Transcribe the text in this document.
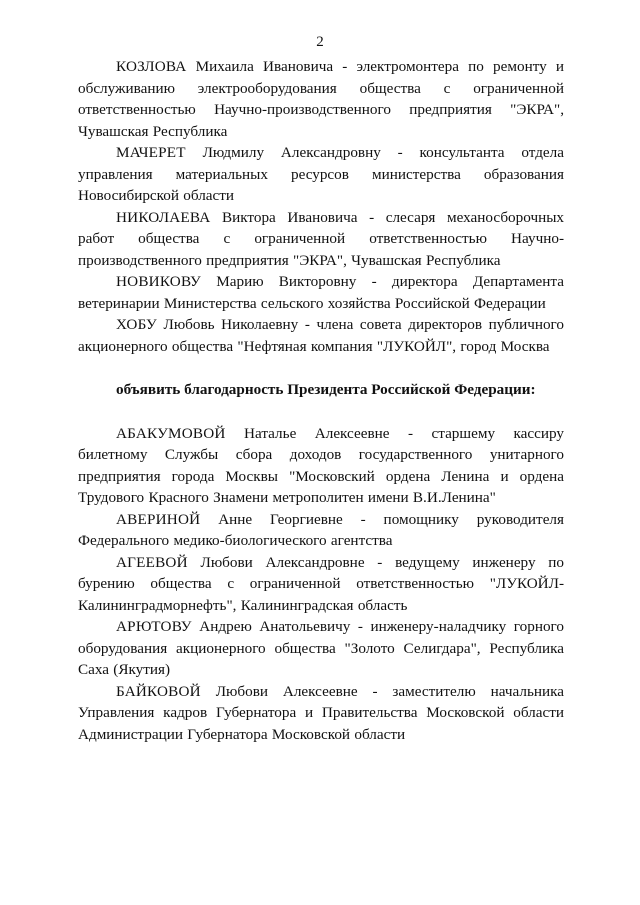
2

КОЗЛОВА Михаила Ивановича - электромонтера по ремонту и обслуживанию электрооборудования общества с ограниченной ответственностью Научно-производственного предприятия "ЭКРА", Чувашская Республика

МАЧЕРЕТ Людмилу Александровну - консультанта отдела управления материальных ресурсов министерства образования Новосибирской области

НИКОЛАЕВА Виктора Ивановича - слесаря механосборочных работ общества с ограниченной ответственностью Научно-производственного предприятия "ЭКРА", Чувашская Республика

НОВИКОВУ Марию Викторовну - директора Департамента ветеринарии Министерства сельского хозяйства Российской Федерации

ХОБУ Любовь Николаевну - члена совета директоров публичного акционерного общества "Нефтяная компания "ЛУКОЙЛ", город Москва

объявить благодарность Президента Российской Федерации:

АБАКУМОВОЙ Наталье Алексеевне - старшему кассиру билетному Службы сбора доходов государственного унитарного предприятия города Москвы "Московский ордена Ленина и ордена Трудового Красного Знамени метрополитен имени В.И.Ленина"

АВЕРИНОЙ Анне Георгиевне - помощнику руководителя Федерального медико-биологического агентства

АГЕЕВОЙ Любови Александровне - ведущему инженеру по бурению общества с ограниченной ответственностью "ЛУКОЙЛ-Калининградморнефть", Калининградская область

АРЮТОВУ Андрею Анатольевичу - инженеру-наладчику горного оборудования акционерного общества "Золото Селигдара", Республика Саха (Якутия)

БАЙКОВОЙ Любови Алексеевне - заместителю начальника Управления кадров Губернатора и Правительства Московской области Администрации Губернатора Московской области
